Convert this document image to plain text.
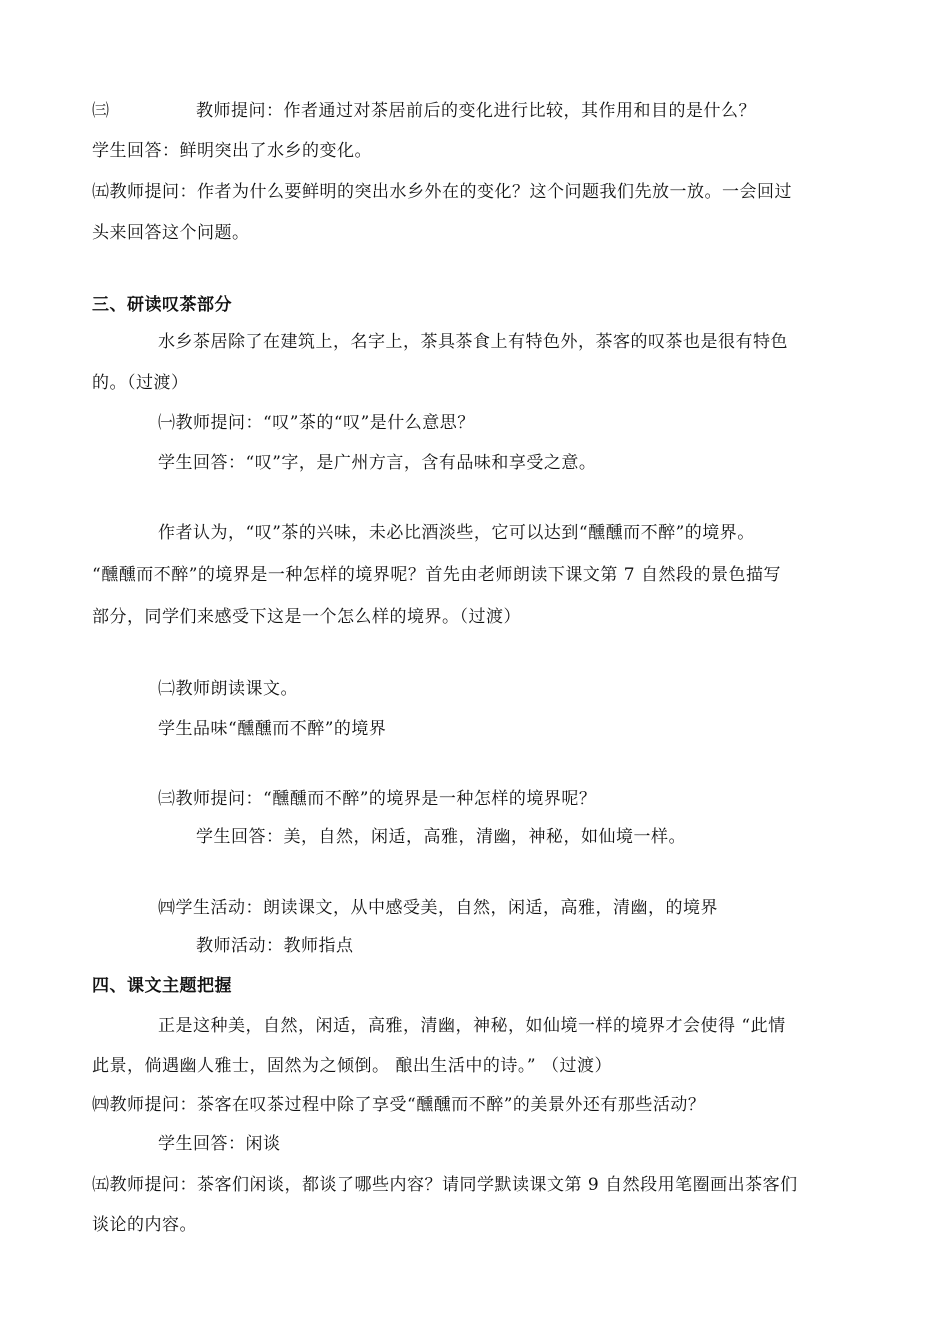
㈢	教师提问：作者通过对茶居前后的变化进行比较，其作用和目的是什么？
学生回答：鲜明突出了水乡的变化。
㈤教师提问：作者为什么要鲜明的突出水乡外在的变化？这个问题我们先放一放。一会回过
头来回答这个问题。
三、研读叹茶部分
水乡茶居除了在建筑上，名字上，茶具茶食上有特色外，茶客的叹茶也是很有特色
的。（过渡）
㈠教师提问：“叹”茶的“叹”是什么意思？
学生回答：“叹”字，是广州方言，含有品味和享受之意。
作者认为，“叹”茶的兴味，未必比酒淡些，它可以达到“醺醺而不醉”的境界。
“醺醺而不醉”的境界是一种怎样的境界呢？首先由老师朗读下课文第 7 自然段的景色描写
部分，同学们来感受下这是一个怎么样的境界。（过渡）
㈡教师朗读课文。
学生品味“醺醺而不醉”的境界
㈢教师提问：“醺醺而不醉”的境界是一种怎样的境界呢？
学生回答：美，自然，闲适，高雅，清幽，神秘，如仙境一样。
㈣学生活动：朗读课文，从中感受美，自然，闲适，高雅，清幽，的境界
教师活动：教师指点
四、课文主题把握
正是这种美，自然，闲适，高雅，清幽，神秘，如仙境一样的境界才会使得 “此情
此景，倘遇幽人雅士，固然为之倾倒。 酿出生活中的诗。” （过渡）
㈣教师提问：茶客在叹茶过程中除了享受“醺醺而不醉”的美景外还有那些活动？
学生回答：闲谈
㈤教师提问：茶客们闲谈，都谈了哪些内容？请同学默读课文第 9 自然段用笔圈画出茶客们
谈论的内容。
